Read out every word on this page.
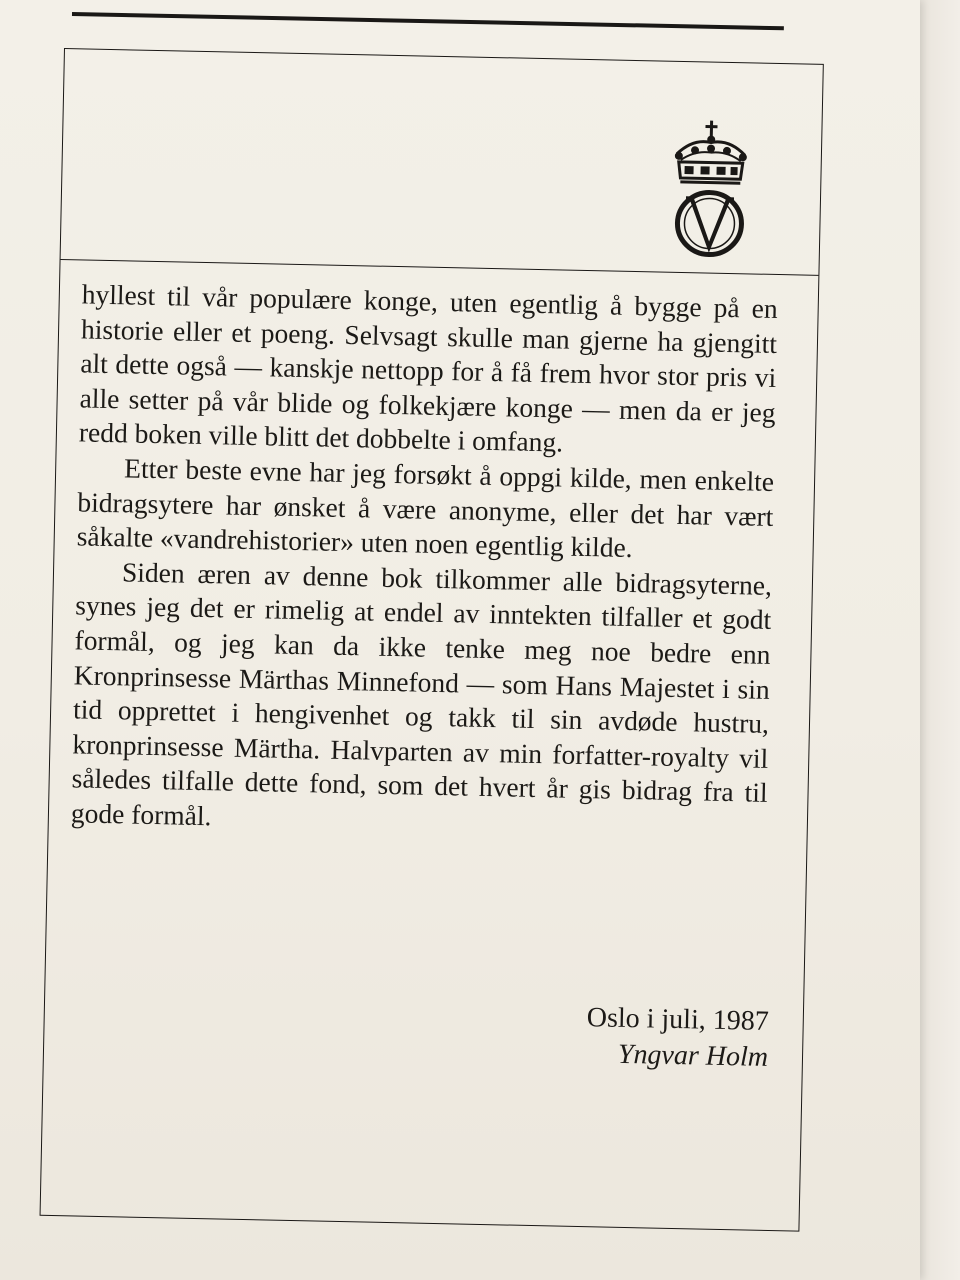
hyllest til vår populære konge, uten egentlig å bygge på en historie eller et poeng. Selvsagt skulle man gjerne ha gjengitt alt dette også — kanskje nettopp for å få frem hvor stor pris vi alle setter på vår blide og folkekjære konge — men da er jeg redd boken ville blitt det dobbelte i omfang.

Etter beste evne har jeg forsøkt å oppgi kilde, men enkelte bidragsytere har ønsket å være anonyme, eller det har vært såkalte «vandrehistorier» uten noen egentlig kilde.

Siden æren av denne bok tilkommer alle bidragsyterne, synes jeg det er rimelig at endel av inntekten tilfaller et godt formål, og jeg kan da ikke tenke meg noe bedre enn Kronprinsesse Märthas Minnefond — som Hans Majestet i sin tid opprettet i hengivenhet og takk til sin avdøde hustru, kronprinsesse Märtha. Halvparten av min forfatter-royalty vil således tilfalle dette fond, som det hvert år gis bidrag fra til gode formål.

Oslo i juli, 1987
Yngvar Holm
